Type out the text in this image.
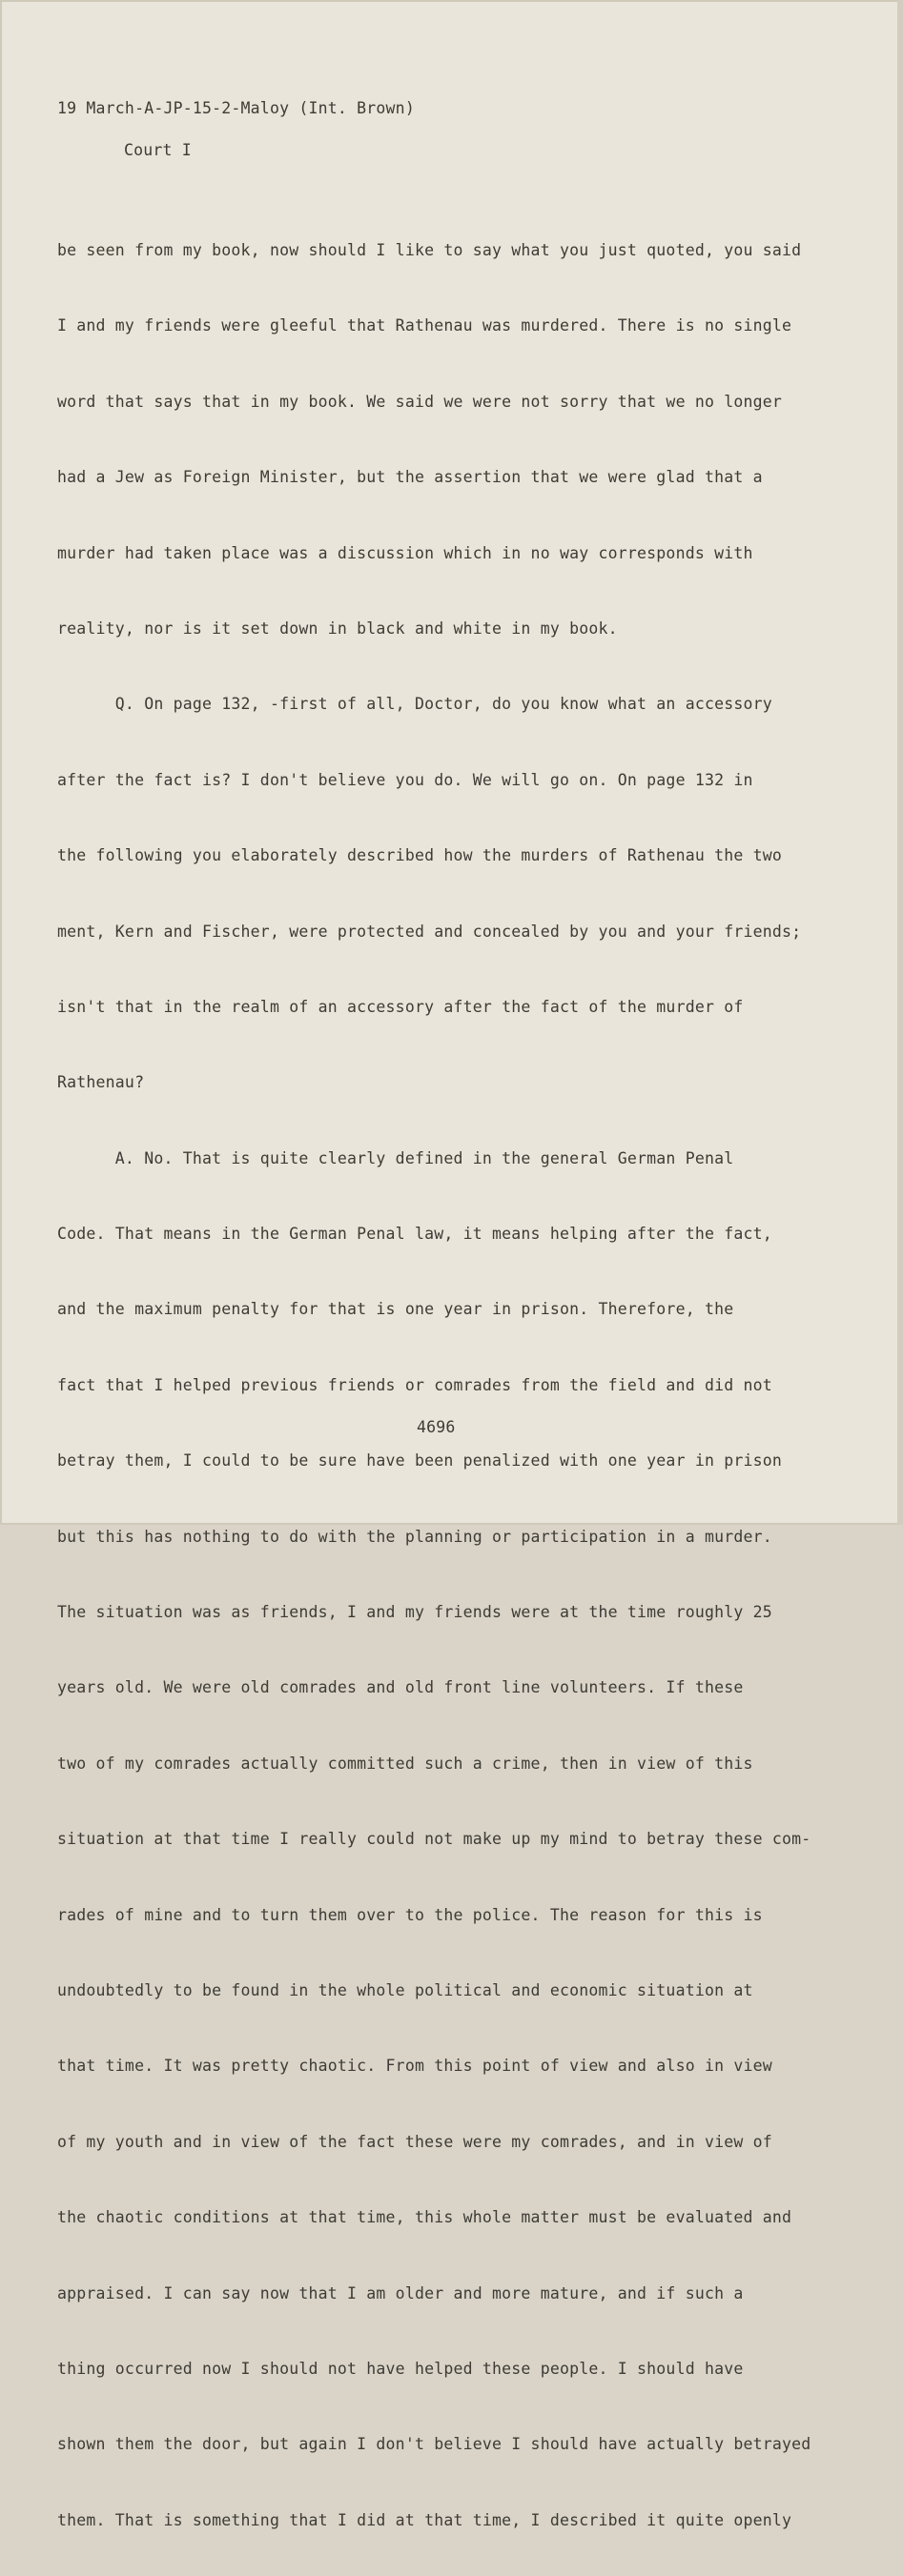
19 March-A-JP-15-2-Maloy (Int. Brown)
Court I

be seen from my book, now should I like to say what you just quoted, you said

I and my friends were gleeful that Rathenau was murdered. There is no single

word that says that in my book. We said we were not sorry that we no longer

had a Jew as Foreign Minister, but the assertion that we were glad that a

murder had taken place was a discussion which in no way corresponds with

reality, nor is it set down in black and white in my book.

Q. On page 132, -first of all, Doctor, do you know what an accessory

after the fact is? I don't believe you do. We will go on. On page 132 in

the following you elaborately described how the murders of Rathenau the two

ment, Kern and Fischer, were protected and concealed by you and your friends;

isn't that in the realm of an accessory after the fact of the murder of

Rathenau?

A. No. That is quite clearly defined in the general German Penal

Code. That means in the German Penal law, it means helping after the fact,

and the maximum penalty for that is one year in prison. Therefore, the

fact that I helped previous friends or comrades from the field and did not

betray them, I could to be sure have been penalized with one year in prison

but this has nothing to do with the planning or participation in a murder.

The situation was as friends, I and my friends were at the time roughly 25

years old. We were old comrades and old front line volunteers. If these

two of my comrades actually committed such a crime, then in view of this

situation at that time I really could not make up my mind to betray these com-

rades of mine and to turn them over to the police. The reason for this is

undoubtedly to be found in the whole political and economic situation at

that time. It was pretty chaotic. From this point of view and also in view

of my youth and in view of the fact these were my comrades, and in view of

the chaotic conditions at that time, this whole matter must be evaluated and

appraised. I can say now that I am older and more mature, and if such a

thing occurred now I should not have helped these people. I should have

shown them the door, but again I don't believe I should have actually betrayed

them. That is something that I did at that time, I described it quite openly

4696
